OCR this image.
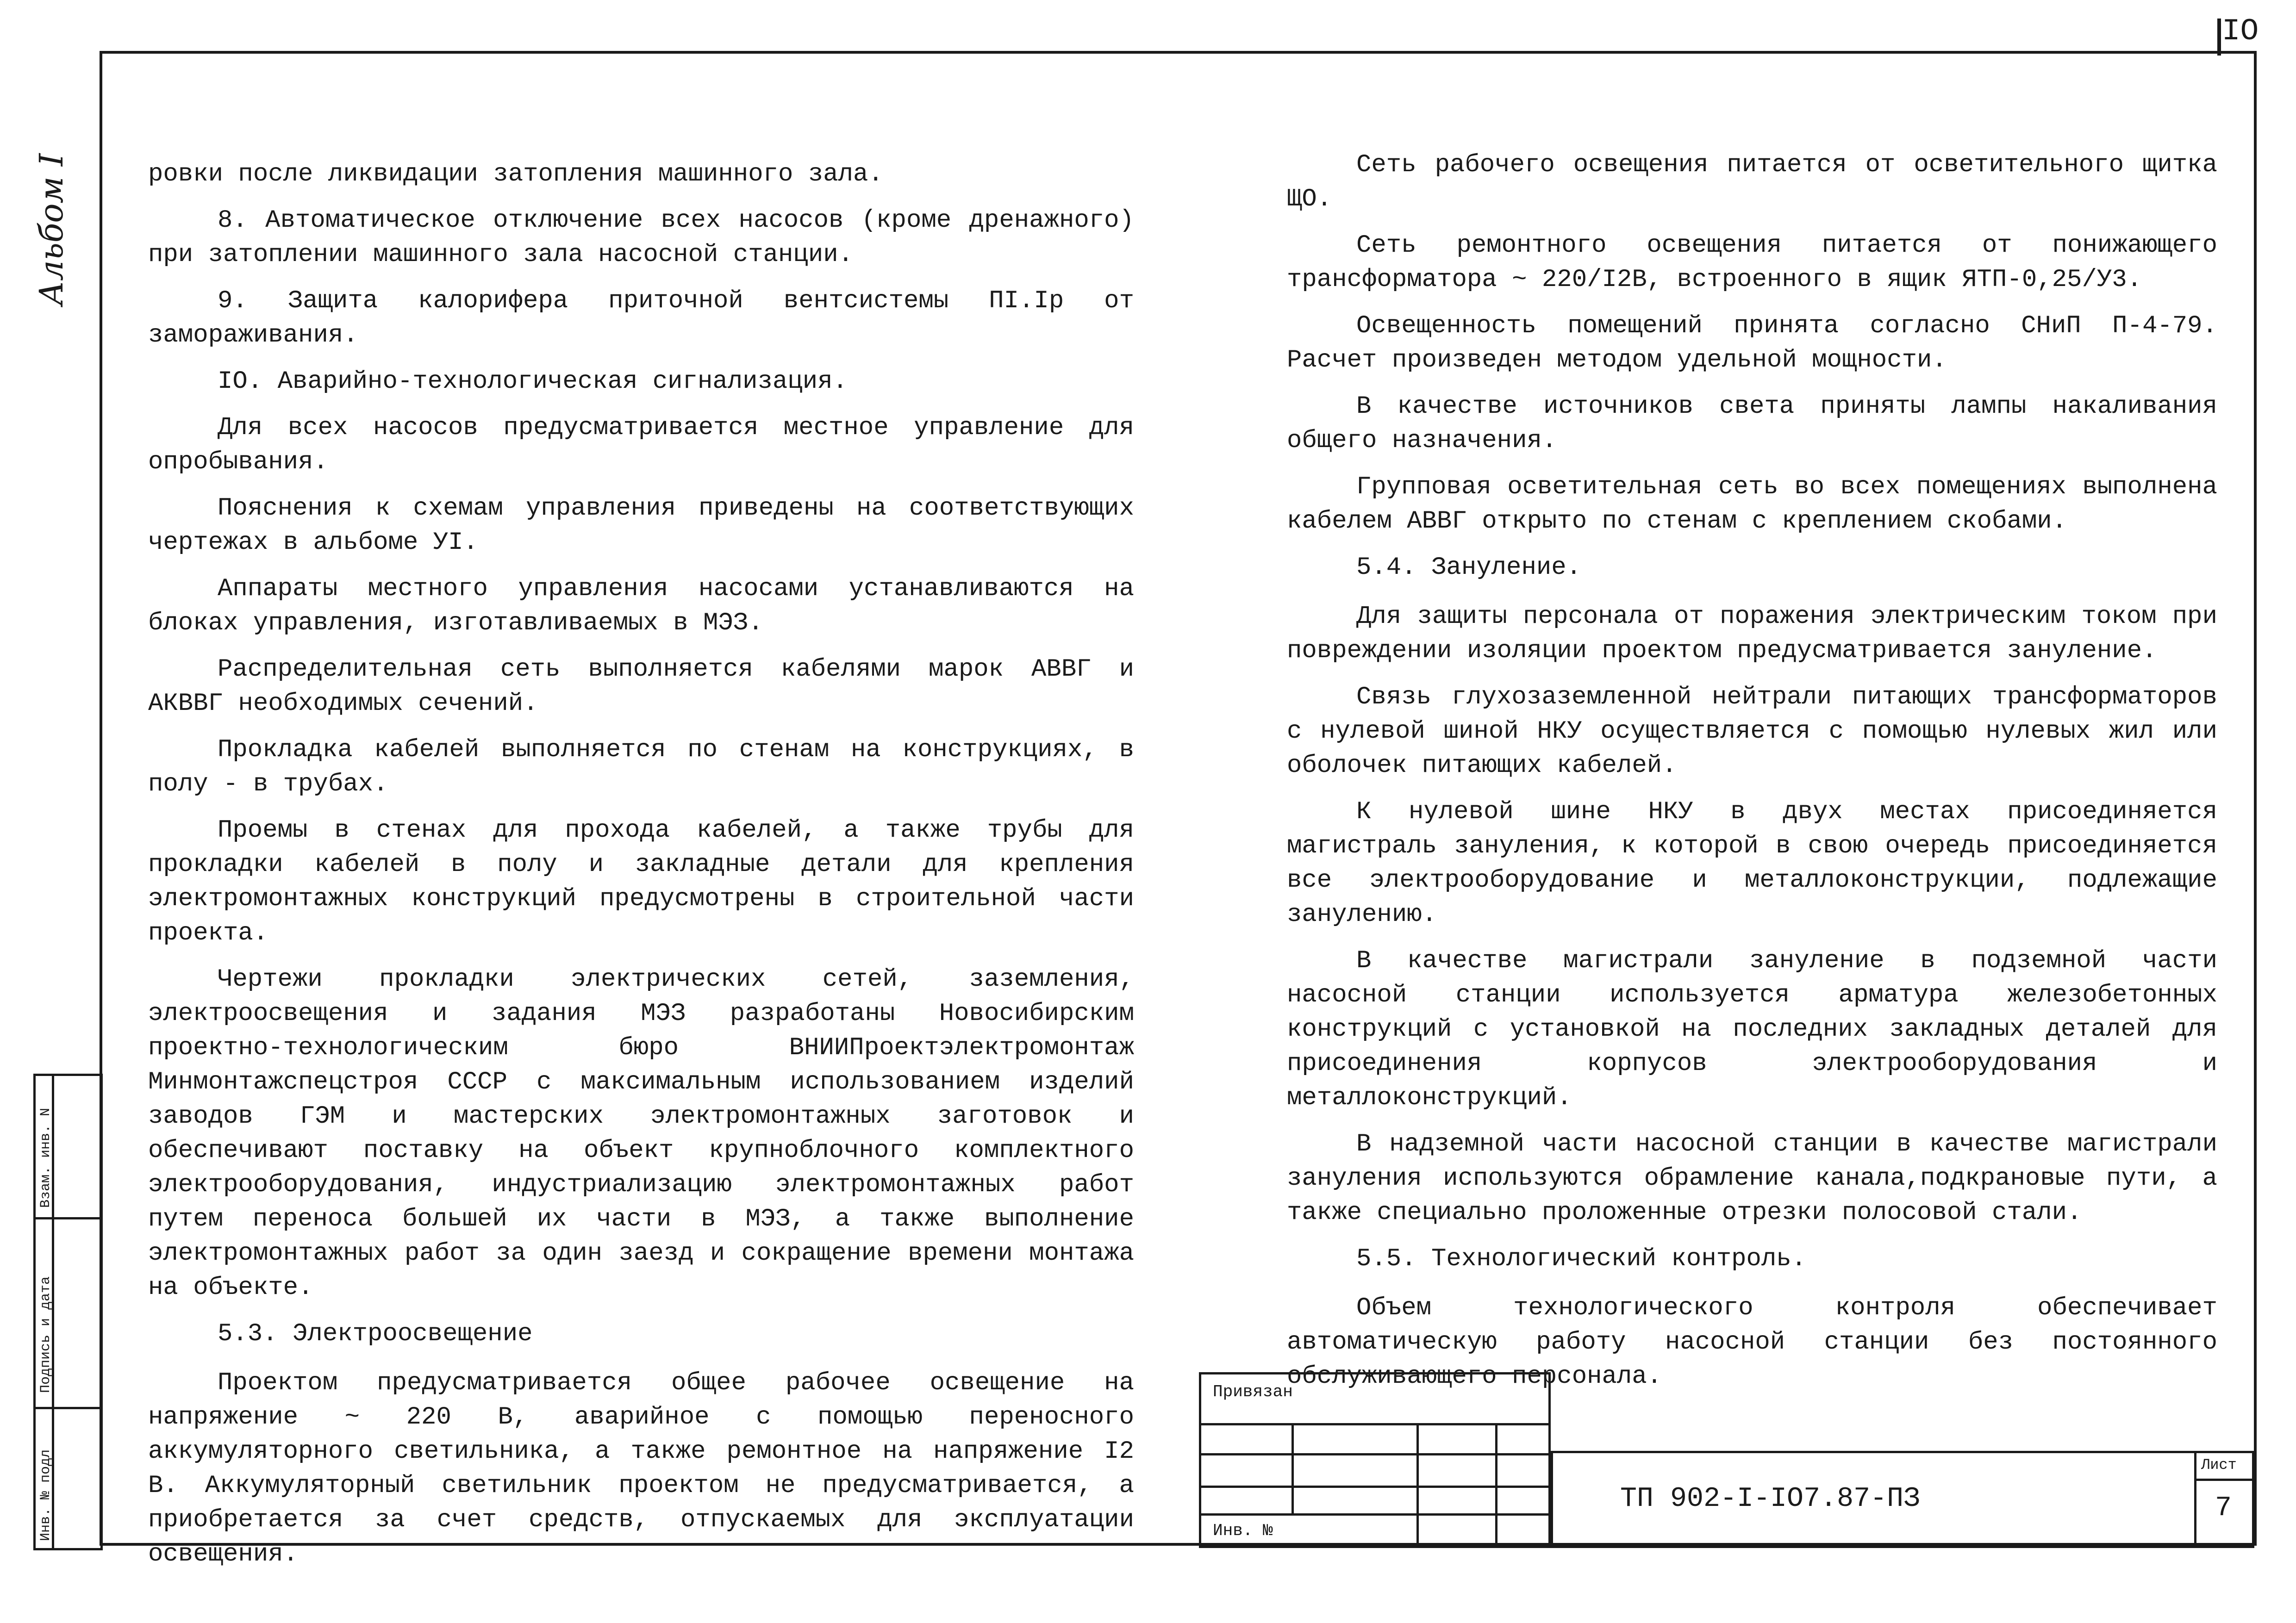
IO
Альбом I
Взам. инв. N
Подпись и дата
Инв. № подл

ровки после ликвидации затопления машинного зала.

8. Автоматическое отключение всех насосов (кроме дренажного) при затоплении машинного зала насосной станции.

9. Защита калорифера приточной вентсистемы ПI.Iр от замораживания.

IO. Аварийно-технологическая сигнализация.

Для всех насосов предусматривается местное управление для опробывания.

Пояснения к схемам управления приведены на соответствующих чертежах в альбоме УI.

Аппараты местного управления насосами устанавливаются на блоках управления, изготавливаемых в МЭЗ.

Распределительная сеть выполняется кабелями марок АВВГ и АКВВГ необходимых сечений.

Прокладка кабелей выполняется по стенам на конструкциях, в полу - в трубах.

Проемы в стенах для прохода кабелей, а также трубы для прокладки кабелей в полу и закладные детали для крепления электромонтажных конструкций предусмотрены в строительной части проекта.

Чертежи прокладки электрических сетей, заземления, электроосвещения и задания МЭЗ разработаны Новосибирским проектно-технологическим бюро ВНИИПроектэлектромонтаж Минмонтажспецстроя СССР с максимальным использованием изделий заводов ГЭМ и мастерских электромонтажных заготовок и обеспечивают поставку на объект крупноблочного комплектного электрооборудования, индустриализацию электромонтажных работ путем переноса большей их части в МЭЗ, а также выполнение электромонтажных работ за один заезд и сокращение времени монтажа на объекте.

5.3. Электроосвещение

Проектом предусматривается общее рабочее освещение на напряжение ~ 220 В, аварийное с помощью переносного аккумуляторного светильника, а также ремонтное на напряжение I2 В. Аккумуляторный светильник проектом не предусматривается, а приобретается за счет средств, отпускаемых для эксплуатации освещения.

Сеть рабочего освещения питается от осветительного щитка ЩО.

Сеть ремонтного освещения питается от понижающего трансформатора ~ 220/I2В, встроенного в ящик ЯТП-0,25/У3.

Освещенность помещений принята согласно СНиП П-4-79. Расчет произведен методом удельной мощности.

В качестве источников света приняты лампы накаливания общего назначения.

Групповая осветительная сеть во всех помещениях выполнена кабелем АВВГ открыто по стенам с креплением скобами.

5.4. Зануление.

Для защиты персонала от поражения электрическим током при повреждении изоляции проектом предусматривается зануление.

Связь глухозаземленной нейтрали питающих трансформаторов с нулевой шиной НКУ осуществляется с помощью нулевых жил или оболочек питающих кабелей.

К нулевой шине НКУ в двух местах присоединяется магистраль зануления, к которой в свою очередь присоединяется все электрооборудование и металлоконструкции, подлежащие занулению.

В качестве магистрали зануление в подземной части насосной станции используется арматура железобетонных конструкций с установкой на последних закладных деталей для присоединения корпусов электрооборудования и металлоконструкций.

В надземной части насосной станции в качестве магистрали зануления используются обрамление канала,подкрановые пути, а также специально проложенные отрезки полосовой стали.

5.5. Технологический контроль.

Объем технологического контроля обеспечивает автоматическую работу насосной станции без постоянного обслуживающего персонала.

Привязан
Инв. №
ТП 902-I-IO7.87-ПЗ
Лист
7
